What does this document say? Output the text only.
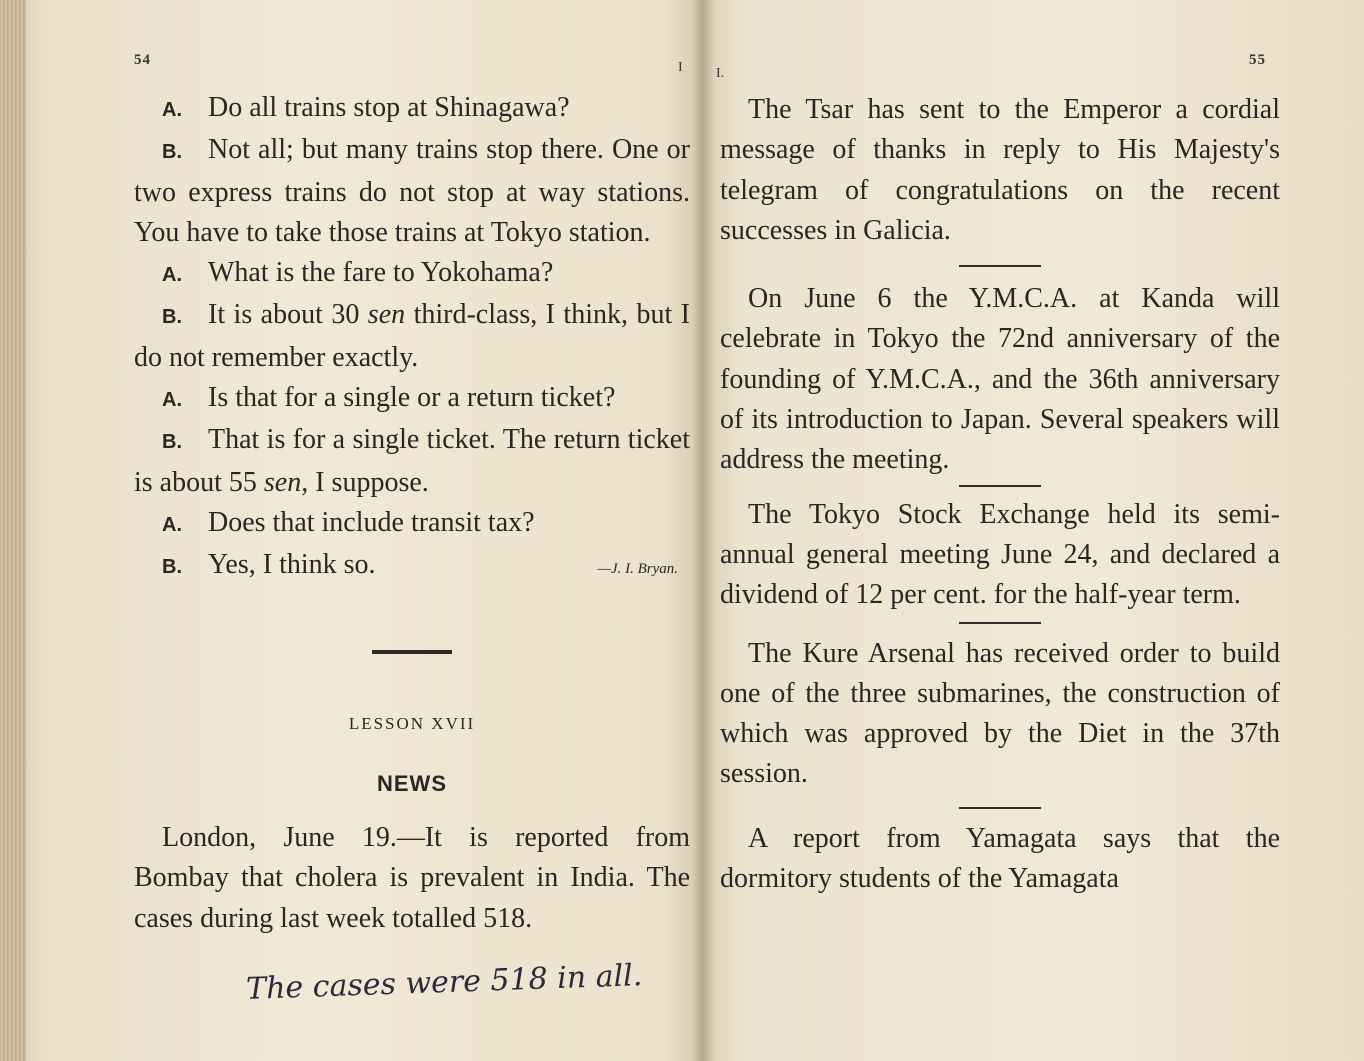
54	I

A. Do all trains stop at Shinagawa?

B. Not all; but many trains stop there. One or two express trains do not stop at way stations. You have to take those trains at Tokyo station.

A. What is the fare to Yokohama?

B. It is about 30 sen third-class, I think, but I do not remember exactly.

A. Is that for a single or a return ticket?

B. That is for a single ticket. The return ticket is about 55 sen, I suppose.

A. Does that include transit tax?

B. Yes, I think so.	—J. I. Bryan.

LESSON XVII
NEWS

London, June 19.—It is reported from Bombay that cholera is prevalent in India. The cases during last week totalled 518.

The cases were 518 in all.
I.
55

The Tsar has sent to the Emperor a cordial message of thanks in reply to His Majesty's telegram of congratulations on the recent successes in Galicia.

On June 6 the Y.M.C.A. at Kanda will celebrate in Tokyo the 72nd anniversary of the founding of Y.M.C.A., and the 36th anniversary of its introduction to Japan. Several speakers will address the meeting.

The Tokyo Stock Exchange held its semi-annual general meeting June 24, and declared a dividend of 12 per cent. for the half-year term.

The Kure Arsenal has received order to build one of the three submarines, the construction of which was approved by the Diet in the 37th session.

A report from Yamagata says that the dormitory students of the Yamagata
